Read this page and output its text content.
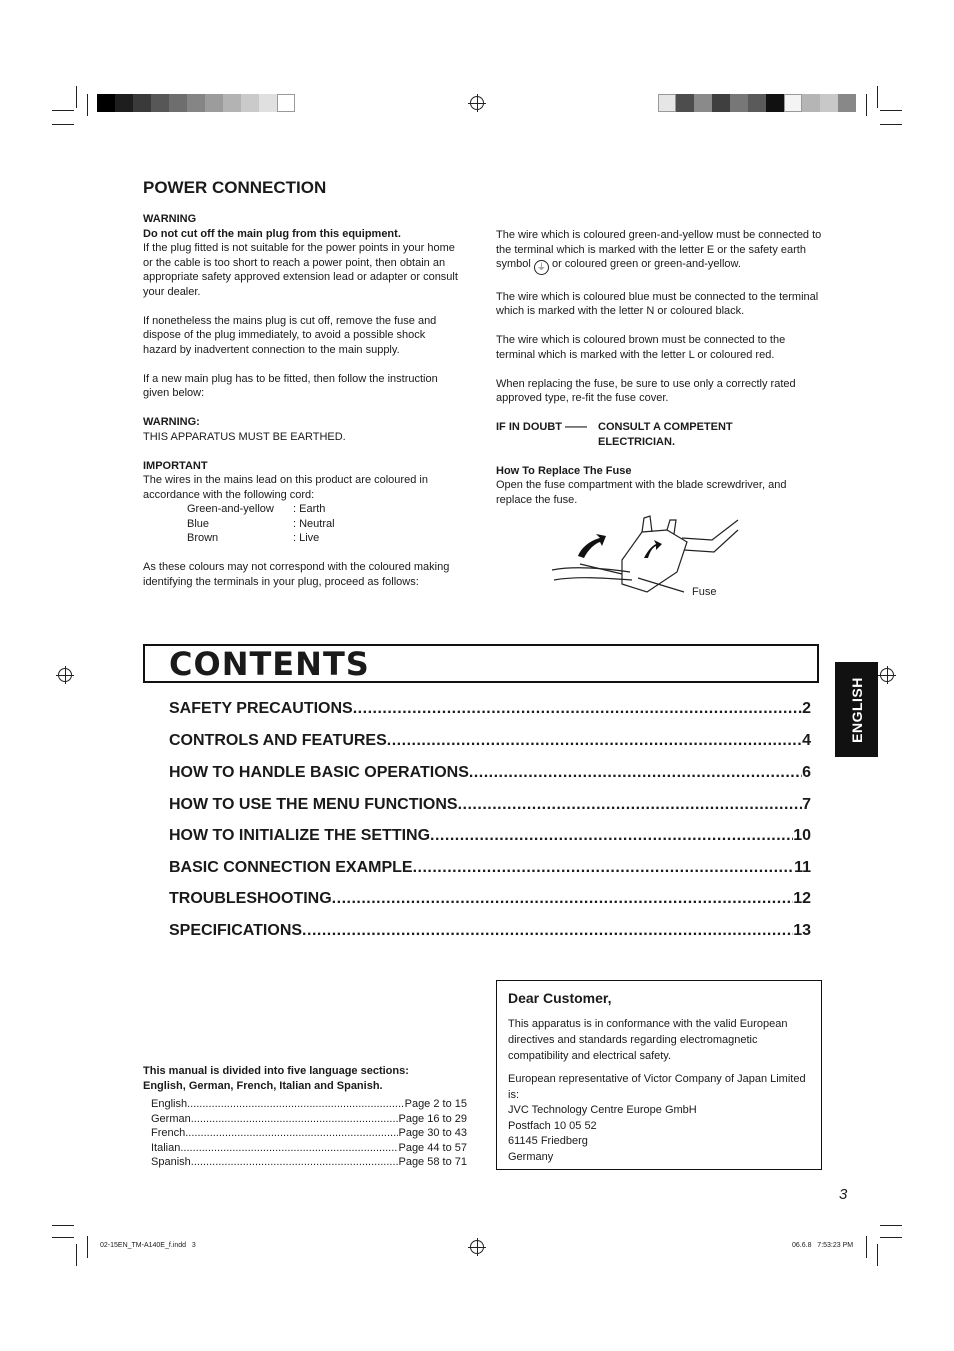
POWER CONNECTION
WARNING
Do not cut off the main plug from this equipment.

If the plug fitted is not suitable for the power points in your home or the cable is too short to reach a power point, then obtain an appropriate safety approved extension lead or adapter or consult your dealer.

If nonetheless the mains plug is cut off, remove the fuse and dispose of the plug immediately, to avoid a possible shock hazard by inadvertent connection to the main supply.

If a new main plug has to be fitted, then follow the instruction given below:

WARNING:
THIS APPARATUS MUST BE EARTHED.
IMPORTANT

The wires in the mains lead on this product are coloured in accordance with the following cord:

Green-and-yellow	: Earth
Blue	: Neutral
Brown	: Live

As these colours may not correspond with the coloured making identifying the terminals in your plug, proceed as follows:

The wire which is coloured green-and-yellow must be connected to the terminal which is marked with the letter E or the safety earth symbol ⏚ or coloured green or green-and-yellow.

The wire which is coloured blue must be connected to the terminal which is marked with the letter N or coloured black.

The wire which is coloured brown must be connected to the terminal which is marked with the letter L or coloured red.

When replacing the fuse, be sure to use only a correctly rated approved type, re-fit the fuse cover.

IF IN DOUBT —— CONSULT A COMPETENT
ELECTRICIAN.
How To Replace The Fuse

Open the fuse compartment with the blade screwdriver, and replace the fuse.

Fuse
CONTENTS
SAFETY PRECAUTIONS .....	2
CONTROLS AND FEATURES .....	4
HOW TO HANDLE BASIC OPERATIONS .....	6
HOW TO USE THE MENU FUNCTIONS .....	7
HOW TO INITIALIZE THE SETTING .....	10
BASIC CONNECTION EXAMPLE .....	11
TROUBLESHOOTING .....	12
SPECIFICATIONS .....	13
ENGLISH
This manual is divided into five language sections:
English, German, French, Italian and Spanish.
English .....	Page 2 to 15
German .....	Page 16 to 29
French .....	Page 30 to 43
Italian .....	Page 44 to 57
Spanish .....	Page 58 to 71
Dear Customer,

This apparatus is in conformance with the valid European directives and standards regarding electromagnetic compatibility and electrical safety.

European representative of Victor Company of Japan Limited is:

JVC Technology Centre Europe GmbH
Postfach 10 05 52
61145 Friedberg
Germany
3
02-15EN_TM-A140E_f.indd   3	06.6.8   7:53:23 PM
